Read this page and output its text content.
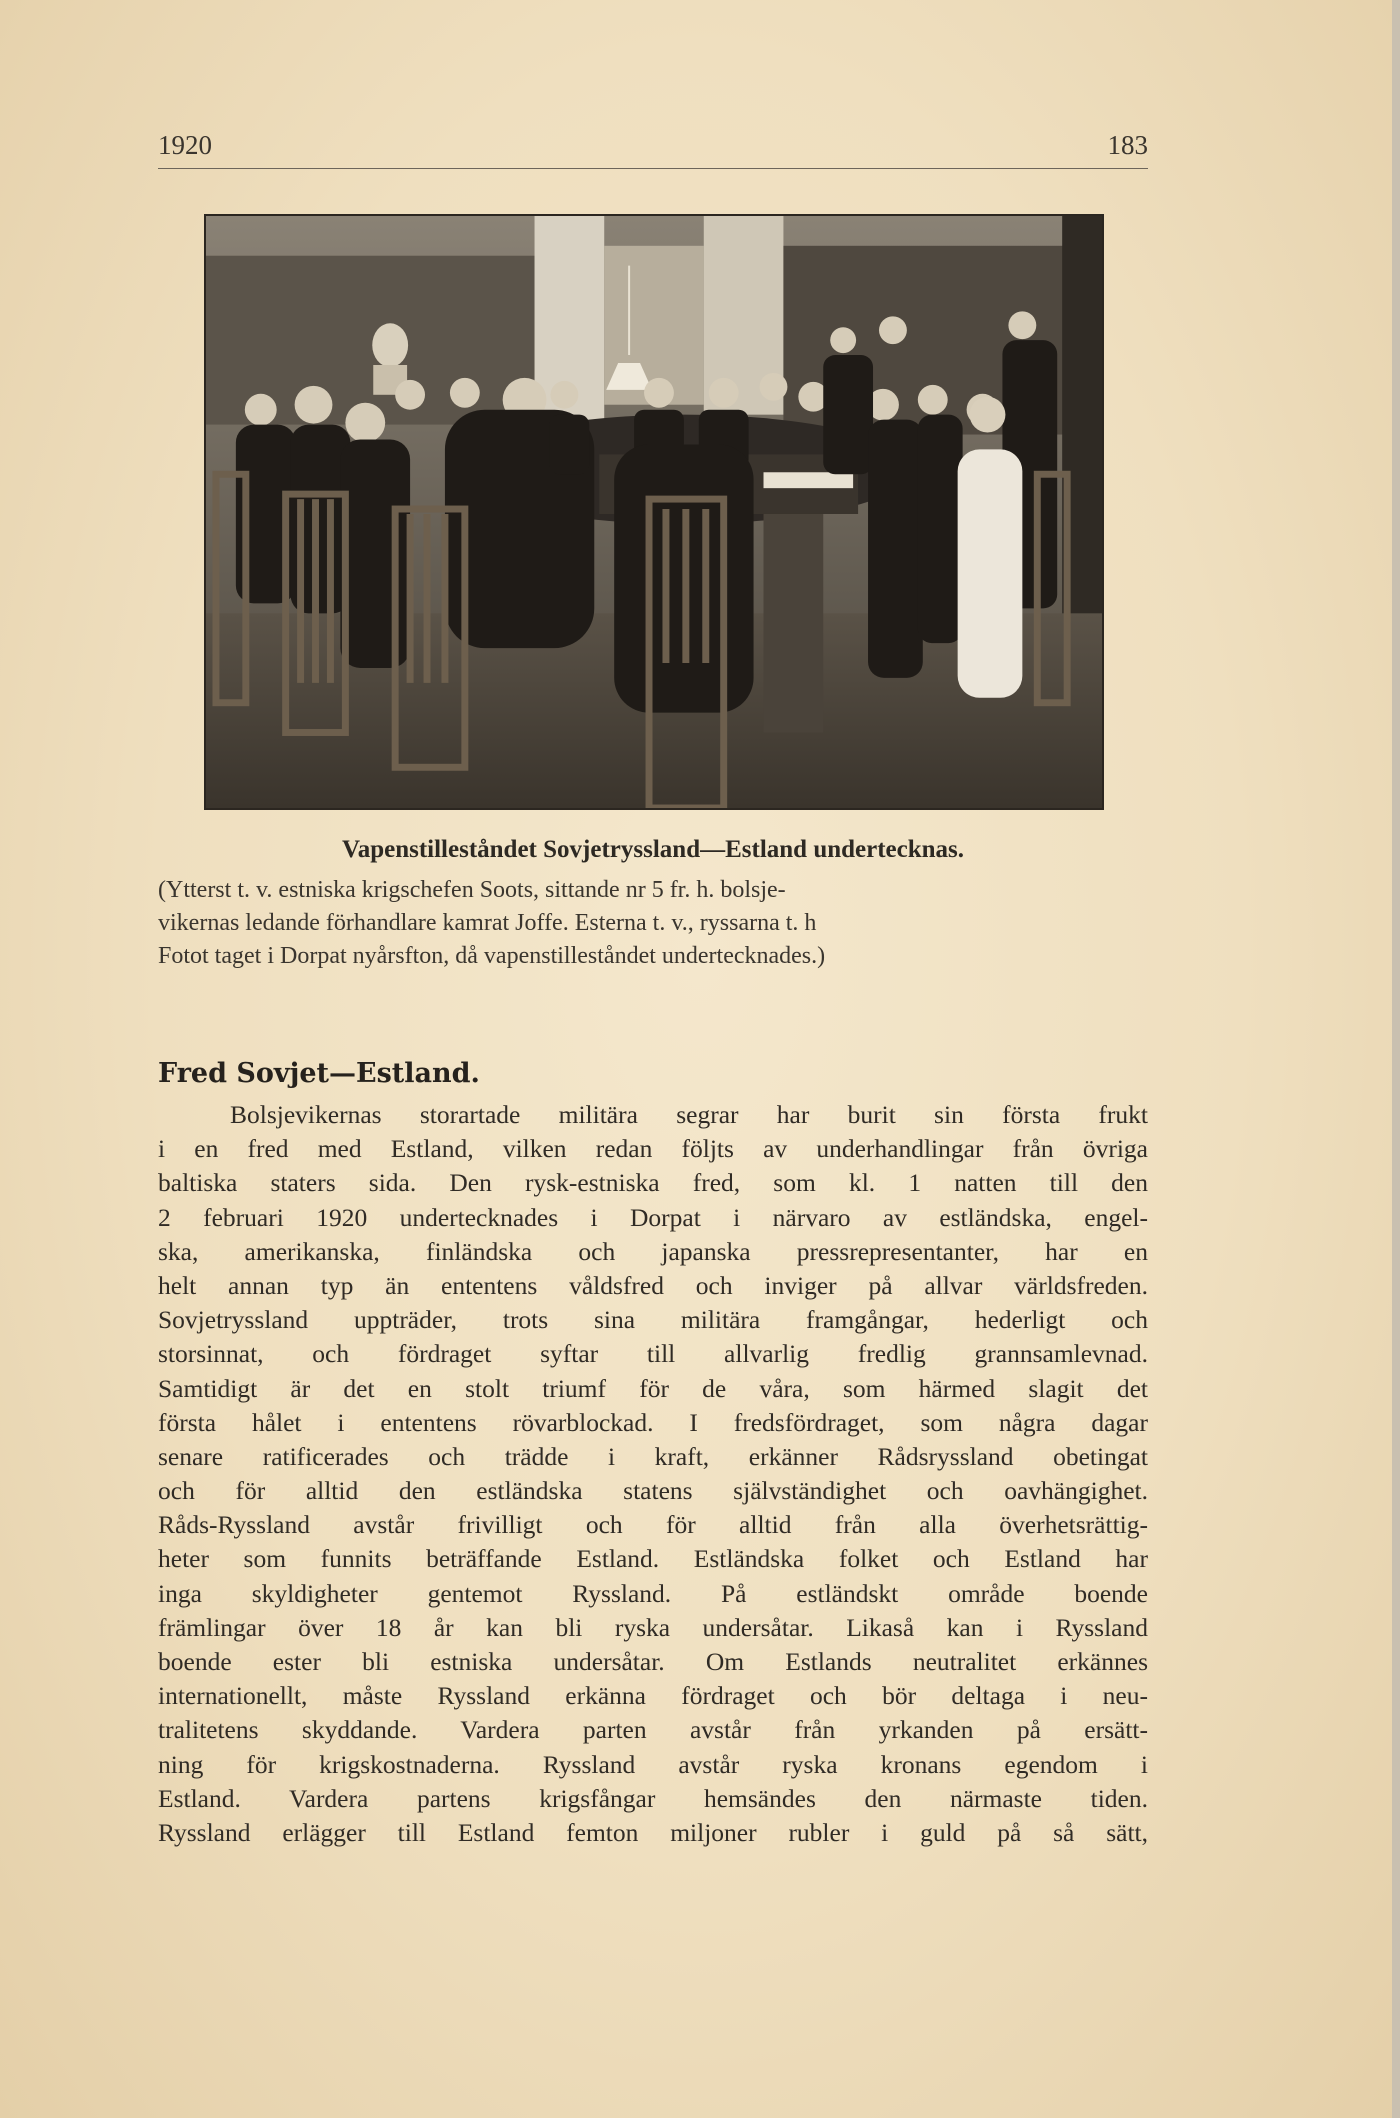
1920	183
Vapenstilleståndet Sovjetryssland—Estland undertecknas.
(Ytterst t. v. estniska krigschefen Soots, sittande nr 5 fr. h. bolsje-
vikernas ledande förhandlare kamrat Joffe. Esterna t. v., ryssarna t. h
Fotot taget i Dorpat nyårsfton, då vapenstilleståndet undertecknades.)
Fred Sovjet—Estland.
Bolsjevikernas storartade militära segrar har burit sin första frukt
i en fred med Estland, vilken redan följts av underhandlingar från övriga
baltiska staters sida. Den rysk-estniska fred, som kl. 1 natten till den
2 februari 1920 undertecknades i Dorpat i närvaro av estländska, engel-
ska, amerikanska, finländska och japanska pressrepresentanter, har en
helt annan typ än ententens våldsfred och inviger på allvar världsfreden.
Sovjetryssland uppträder, trots sina militära framgångar, hederligt och
storsinnat, och fördraget syftar till allvarlig fredlig grannsamlevnad.
Samtidigt är det en stolt triumf för de våra, som härmed slagit det
första hålet i ententens rövarblockad. I fredsfördraget, som några dagar
senare ratificerades och trädde i kraft, erkänner Rådsryssland obetingat
och för alltid den estländska statens självständighet och oavhängighet.
Råds-Ryssland avstår frivilligt och för alltid från alla överhetsrättig-
heter som funnits beträffande Estland. Estländska folket och Estland har
inga skyldigheter gentemot Ryssland. På estländskt område boende
främlingar över 18 år kan bli ryska undersåtar. Likaså kan i Ryssland
boende ester bli estniska undersåtar. Om Estlands neutralitet erkännes
internationellt, måste Ryssland erkänna fördraget och bör deltaga i neu-
tralitetens skyddande. Vardera parten avstår från yrkanden på ersätt-
ning för krigskostnaderna. Ryssland avstår ryska kronans egendom i
Estland. Vardera partens krigsfångar hemsändes den närmaste tiden.
Ryssland erlägger till Estland femton miljoner rubler i guld på så sätt,
